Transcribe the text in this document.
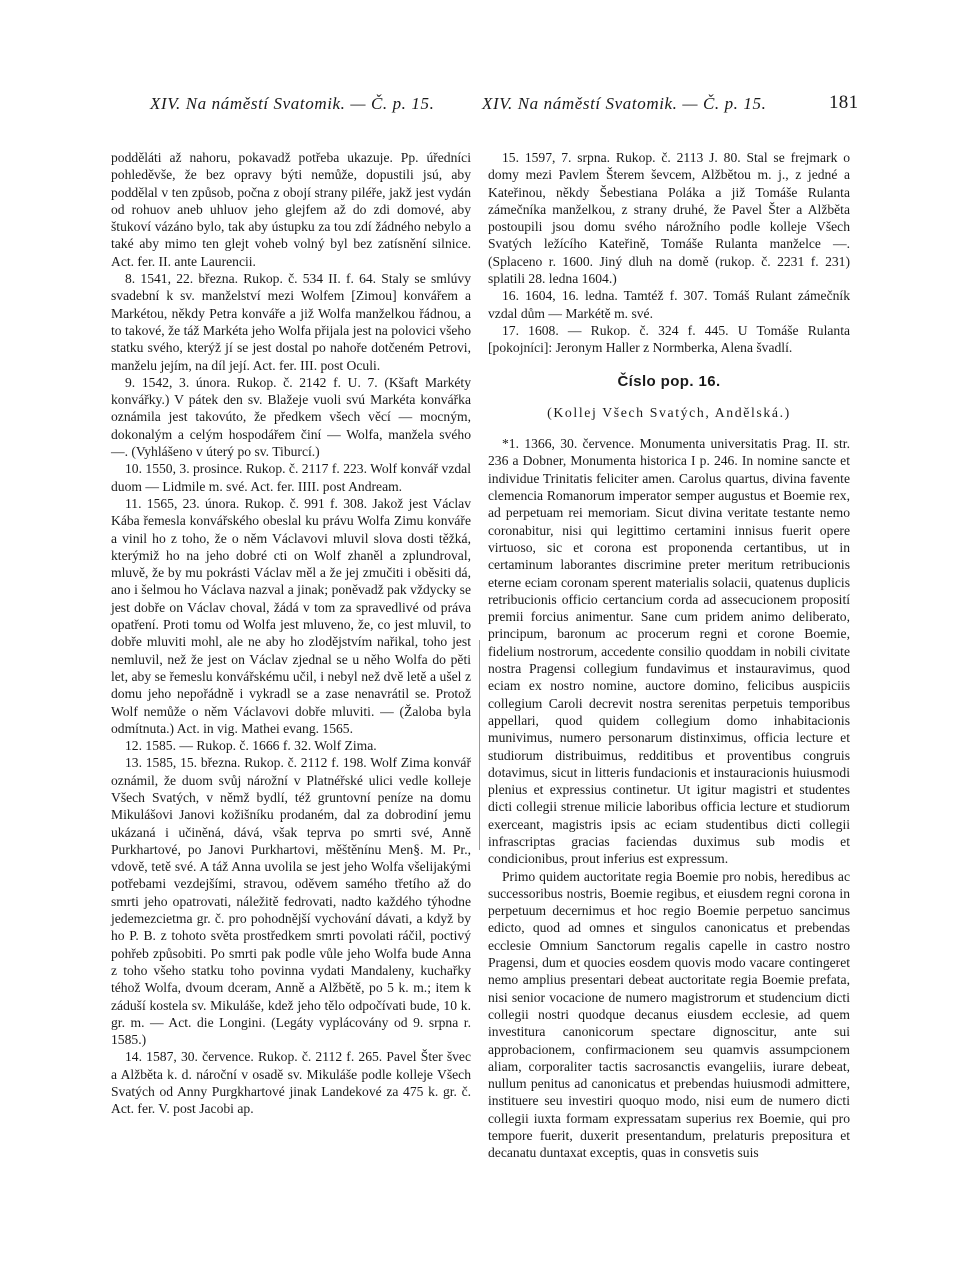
XIV. Na náměstí Svatomik. — Č. p. 15.	XIV. Na náměstí Svatomik. — Č. p. 15.	181

podděláti až nahoru, pokavadž potřeba ukazuje. Pp. úředníci pohleděvše, že bez opravy býti nemůže, dopustili jsú, aby poddělal v ten způsob, počna z obojí strany piléře, jakž jest vydán od rohuov aneb uhluov jeho glejfem až do zdi domové, aby štukoví vázáno bylo, tak aby ústupku za tou zdí žádného nebylo a také aby mimo ten glejt voheb volný byl bez zatísnění silnice. Act. fer. II. ante Laurencii.

8. 1541, 22. března. Rukop. č. 534 II. f. 64. Staly se smlúvy svadební k sv. manželství mezi Wolfem [Zimou] konvářem a Markétou, někdy Petra konváře a již Wolfa manželkou řádnou, a to takové, že táž Markéta jeho Wolfa přijala jest na polovici všeho statku svého, kterýž jí se jest dostal po nahoře dotčeném Petrovi, manželu jejím, na díl její. Act. fer. III. post Oculi.

9. 1542, 3. února. Rukop. č. 2142 f. U. 7. (Kšaft Markéty konvářky.) V pátek den sv. Blažeje vuoli svú Markéta konvářka oznámila jest takovúto, že předkem všech věcí — mocným, dokonalým a celým hospodářem činí — Wolfa, manžela svého —. (Vyhlášeno v úterý po sv. Tiburcí.)

10. 1550, 3. prosince. Rukop. č. 2117 f. 223. Wolf konvář vzdal duom — Lidmile m. své. Act. fer. IIII. post Andream.

11. 1565, 23. února. Rukop. č. 991 f. 308. Jakož jest Václav Kába řemesla konvářského obeslal ku právu Wolfa Zimu konváře a vinil ho z toho, že o něm Václavovi mluvil slova dosti těžká, kterýmiž ho na jeho dobré cti on Wolf zhaněl a zplundroval, mluvě, že by mu pokrásti Václav měl a že jej zmučiti i oběsiti dá, ano i šelmou ho Václava nazval a jinak; poněvadž pak vždycky se jest dobře on Václav choval, žádá v tom za spravedlivé od práva opatření. Proti tomu od Wolfa jest mluveno, že, co jest mluvil, to dobře mluviti mohl, ale ne aby ho zlodějstvím nařikal, toho jest nemluvil, než že jest on Václav zjednal se u něho Wolfa do pěti let, aby se řemeslu konvářskému učil, i nebyl než dvě letě a ušel z domu jeho nepořádně i vykradl se a zase nenavrátil se. Protož Wolf nemůže o něm Václavovi dobře mluviti. — (Žaloba byla odmítnuta.) Act. in vig. Mathei evang. 1565.

12. 1585. — Rukop. č. 1666 f. 32. Wolf Zima.

13. 1585, 15. března. Rukop. č. 2112 f. 198. Wolf Zima konvář oznámil, že duom svůj nárožní v Platnéřské ulici vedle kolleje Všech Svatých, v němž bydlí, též gruntovní peníze na domu Mikulášovi Janovi kožišníku prodaném, dal za dobrodiní jemu ukázaná i učiněná, dává, však teprva po smrti své, Anně Purkhartové, po Janovi Purkhartovi, měštěnínu Men§. M. Pr., vdově, tetě své. A táž Anna uvolila se jest jeho Wolfa všelijakými potřebami vezdejšími, stravou, oděvem samého třetího až do smrti jeho opatrovati, náležitě fedrovati, nadto každého týhodne jedemezcietma gr. č. pro pohodnější vychování dávati, a když by ho P. B. z tohoto světa prostředkem smrti povolati ráčil, poctivý pohřeb způsobiti. Po smrti pak podle vůle jeho Wolfa bude Anna z toho všeho statku toho povinna vydati Mandaleny, kuchařky téhož Wolfa, dvoum dceram, Anně a Alžbětě, po 5 k. m.; item k záduší kostela sv. Mikuláše, kdež jeho tělo odpočívati bude, 10 k. gr. m. — Act. die Longini. (Legáty vyplácovány od 9. srpna r. 1585.)

14. 1587, 30. července. Rukop. č. 2112 f. 265. Pavel Šter švec a Alžběta k. d. nároční v osadě sv. Mikuláše podle kolleje Všech Svatých od Anny Purgkhartové jinak Landekové za 475 k. gr. č. Act. fer. V. post Jacobi ap.

15. 1597, 7. srpna. Rukop. č. 2113 J. 80. Stal se frejmark o domy mezi Pavlem Šterem ševcem, Alžbětou m. j., z jedné a Kateřinou, někdy Šebestiana Poláka a již Tomáše Rulanta zámečníka manželkou, z strany druhé, že Pavel Šter a Alžběta postoupili jsou domu svého nárožního podle kolleje Všech Svatých ležícího Kateřině, Tomáše Rulanta manželce —. (Splaceno r. 1600. Jiný dluh na domě (rukop. č. 2231 f. 231) splatili 28. ledna 1604.)

16. 1604, 16. ledna. Tamtéž f. 307. Tomáš Rulant zámečník vzdal dům — Markétě m. své.

17. 1608. — Rukop. č. 324 f. 445. U Tomáše Rulanta [pokojníci]: Jeronym Haller z Normberka, Alena švadlí.

Číslo pop. 16.
(Kollej Všech Svatých, Andělská.)

*1. 1366, 30. července. Monumenta universitatis Prag. II. str. 236 a Dobner, Monumenta historica I p. 246. In nomine sancte et individue Trinitatis feliciter amen. Carolus quartus, divina favente clemencia Romanorum imperator semper augustus et Boemie rex, ad perpetuam rei memoriam. Sicut divina veritate testante nemo coronabitur, nisi qui legittimo certamini innisus fuerit opere virtuoso, sic et corona est proponenda certantibus, ut in certaminum laborantes discrimine preter meritum retribucionis eterne eciam coronam sperent materialis solacii, quatenus duplicis retribucionis officio certancium corda ad assecucionem proposití premii forcius animentur. Sane cum pridem animo deliberato, principum, baronum ac procerum regni et corone Boemie, fidelium nostrorum, accedente consilio quoddam in nobili civitate nostra Pragensi collegium fundavimus et instauravimus, quod eciam ex nostro nomine, auctore domino, felicibus auspiciis collegium Caroli decrevit nostra serenitas perpetuis temporibus appellari, quod quidem collegium domo inhabitacionis munivimus, numero personarum distinximus, officia lecture et studiorum distribuimus, redditibus et proventibus congruis dotavimus, sicut in litteris fundacionis et instauracionis huiusmodi plenius et expressius continetur. Ut igitur magistri et studentes dicti collegii strenue milicie laboribus officia lecture et studiorum exerceant, magistris ipsis ac eciam studentibus dicti collegii infrascriptas gracias faciendas duximus sub modis et condicionibus, prout inferius est expressum.

Primo quidem auctoritate regia Boemie pro nobis, heredibus ac successoribus nostris, Boemie regibus, et eiusdem regni corona in perpetuum decernimus et hoc regio Boemie perpetuo sancimus edicto, quod ad omnes et singulos canonicatus et prebendas ecclesie Omnium Sanctorum regalis capelle in castro nostro Pragensi, dum et quocies eosdem quovis modo vacare contingeret nemo amplius presentari debeat auctoritate regia Boemie prefata, nisi senior vocacione de numero magistrorum et studencium dicti collegii nostri quodque decanus eiusdem ecclesie, ad quem investitura canonicorum spectare dignoscitur, ante sui approbacionem, confirmacionem seu quamvis assumpcionem aliam, corporaliter tactis sacrosanctis evangeliis, iurare debeat, nullum penitus ad canonicatus et prebendas huiusmodi admittere, instituere seu investiri quoquo modo, nisi eum de numero dicti collegii iuxta formam expressatam superius rex Boemie, qui pro tempore fuerit, duxerit presentandum, prelaturis prepositura et decanatu duntaxat exceptis, quas in consvetis suis
